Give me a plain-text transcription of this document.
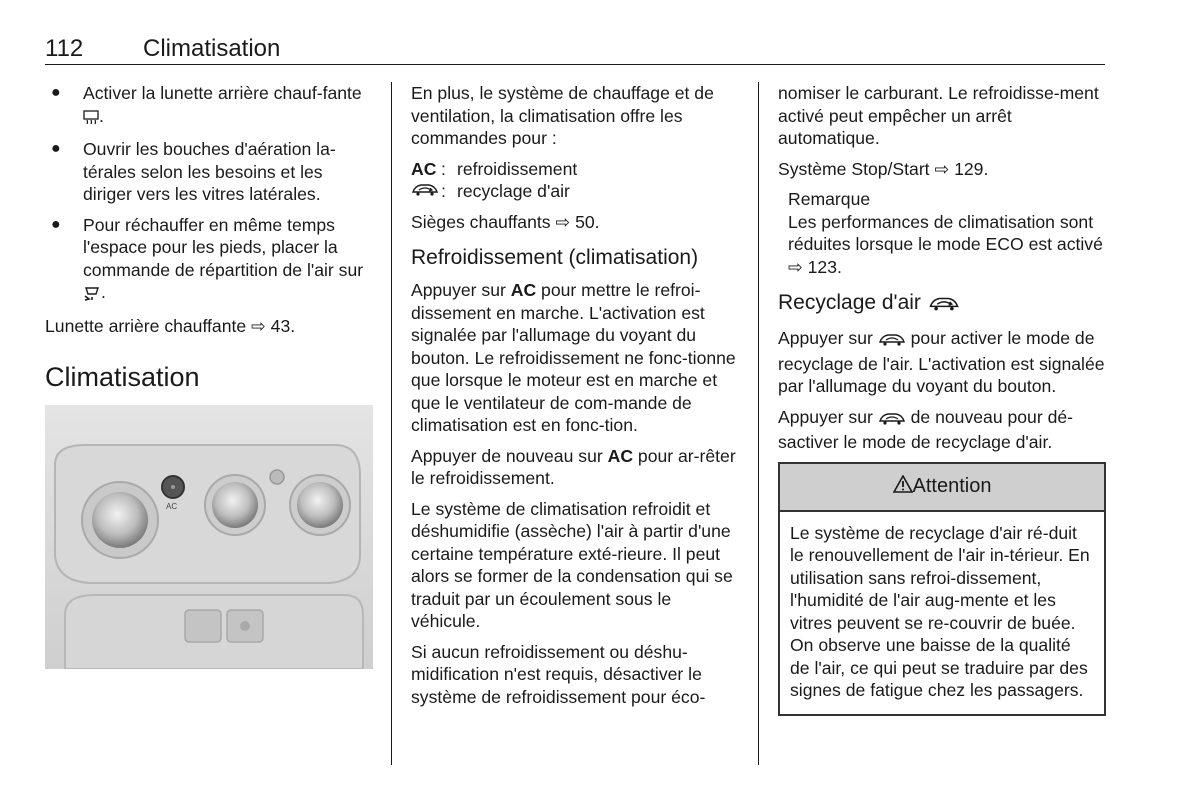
112 Climatisation
● Activer la lunette arrière chauf-fante .
● Ouvrir les bouches d'aération la-térales selon les besoins et les diriger vers les vitres latérales.
● Pour réchauffer en même temps l'espace pour les pieds, placer la commande de répartition de l'air sur .

Lunette arrière chauffante ⇨ 43.

Climatisation
AC

En plus, le système de chauffage et de ventilation, la climatisation offre les commandes pour :

AC : refroidissement
: recyclage d'air

Sièges chauffants ⇨ 50.

Refroidissement (climatisation)

Appuyer sur AC pour mettre le refroi-dissement en marche. L'activation est signalée par l'allumage du voyant du bouton. Le refroidissement ne fonc-tionne que lorsque le moteur est en marche et que le ventilateur de com-mande de climatisation est en fonc-tion.

Appuyer de nouveau sur AC pour ar-rêter le refroidissement.

Le système de climatisation refroidit et déshumidifie (assèche) l'air à partir d'une certaine température exté-rieure. Il peut alors se former de la condensation qui se traduit par un écoulement sous le véhicule.

Si aucun refroidissement ou déshu-midification n'est requis, désactiver le système de refroidissement pour éco-

nomiser le carburant. Le refroidisse-ment activé peut empêcher un arrêt automatique.

Système Stop/Start ⇨ 129.

Remarque
Les performances de climatisation sont réduites lorsque le mode ECO est activé ⇨ 123.
Recyclage d'air

Appuyer sur  pour activer le mode de recyclage de l'air. L'activation est signalée par l'allumage du voyant du bouton.

Appuyer sur  de nouveau pour dé-sactiver le mode de recyclage d'air.

Attention
Le système de recyclage d'air ré-duit le renouvellement de l'air in-térieur. En utilisation sans refroi-dissement, l'humidité de l'air aug-mente et les vitres peuvent se re-couvrir de buée. On observe une baisse de la qualité de l'air, ce qui peut se traduire par des signes de fatigue chez les passagers.
